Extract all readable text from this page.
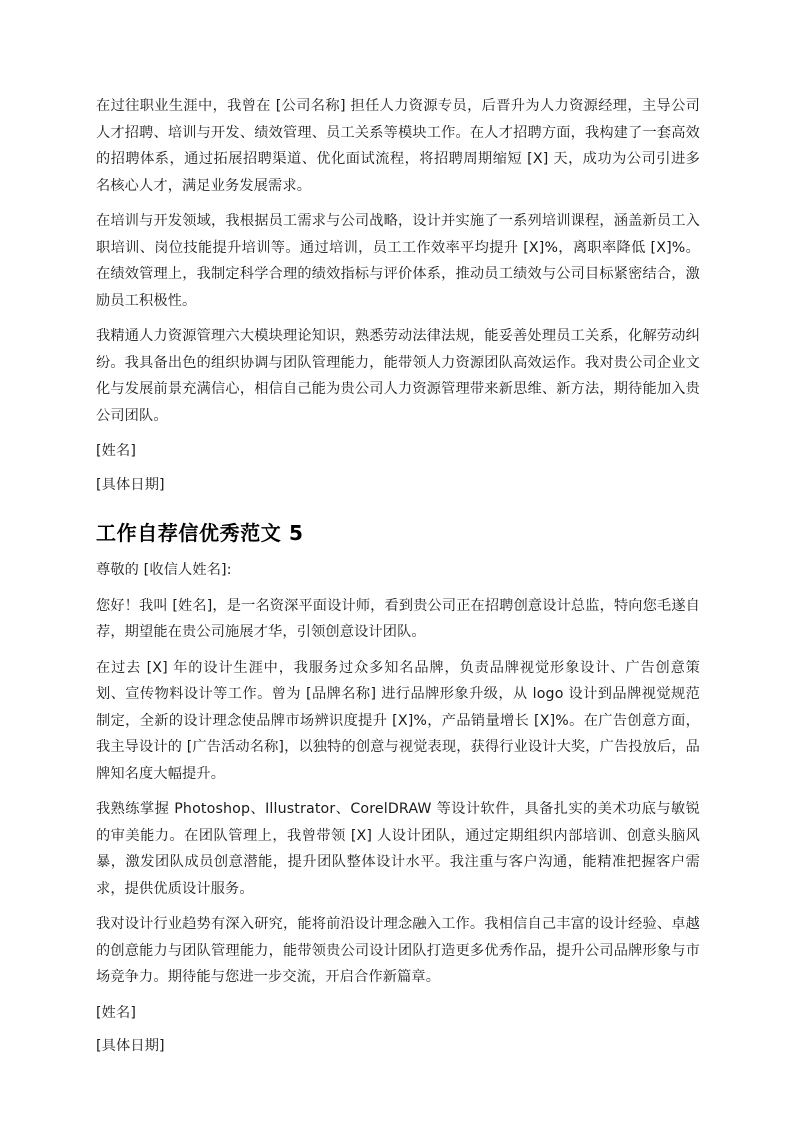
在过往职业生涯中，我曾在 [公司名称] 担任人力资源专员，后晋升为人力资源经理，主导公司人才招聘、培训与开发、绩效管理、员工关系等模块工作。在人才招聘方面，我构建了一套高效的招聘体系，通过拓展招聘渠道、优化面试流程，将招聘周期缩短 [X] 天，成功为公司引进多名核心人才，满足业务发展需求。

在培训与开发领域，我根据员工需求与公司战略，设计并实施了一系列培训课程，涵盖新员工入职培训、岗位技能提升培训等。通过培训，员工工作效率平均提升 [X]%，离职率降低 [X]%。在绩效管理上，我制定科学合理的绩效指标与评价体系，推动员工绩效与公司目标紧密结合，激励员工积极性。

我精通人力资源管理六大模块理论知识，熟悉劳动法律法规，能妥善处理员工关系，化解劳动纠纷。我具备出色的组织协调与团队管理能力，能带领人力资源团队高效运作。我对贵公司企业文化与发展前景充满信心，相信自己能为贵公司人力资源管理带来新思维、新方法，期待能加入贵公司团队。

[姓名]

[具体日期]

工作自荐信优秀范文 5

尊敬的 [收信人姓名]:

您好！我叫 [姓名]，是一名资深平面设计师，看到贵公司正在招聘创意设计总监，特向您毛遂自荐，期望能在贵公司施展才华，引领创意设计团队。

在过去 [X] 年的设计生涯中，我服务过众多知名品牌，负责品牌视觉形象设计、广告创意策划、宣传物料设计等工作。曾为 [品牌名称] 进行品牌形象升级，从 logo 设计到品牌视觉规范制定，全新的设计理念使品牌市场辨识度提升 [X]%，产品销量增长 [X]%。在广告创意方面，我主导设计的 [广告活动名称]，以独特的创意与视觉表现，获得行业设计大奖，广告投放后，品牌知名度大幅提升。

我熟练掌握 Photoshop、Illustrator、CorelDRAW 等设计软件，具备扎实的美术功底与敏锐的审美能力。在团队管理上，我曾带领 [X] 人设计团队，通过定期组织内部培训、创意头脑风暴，激发团队成员创意潜能，提升团队整体设计水平。我注重与客户沟通，能精准把握客户需求，提供优质设计服务。

我对设计行业趋势有深入研究，能将前沿设计理念融入工作。我相信自己丰富的设计经验、卓越的创意能力与团队管理能力，能带领贵公司设计团队打造更多优秀作品，提升公司品牌形象与市场竞争力。期待能与您进一步交流，开启合作新篇章。

[姓名]

[具体日期]
